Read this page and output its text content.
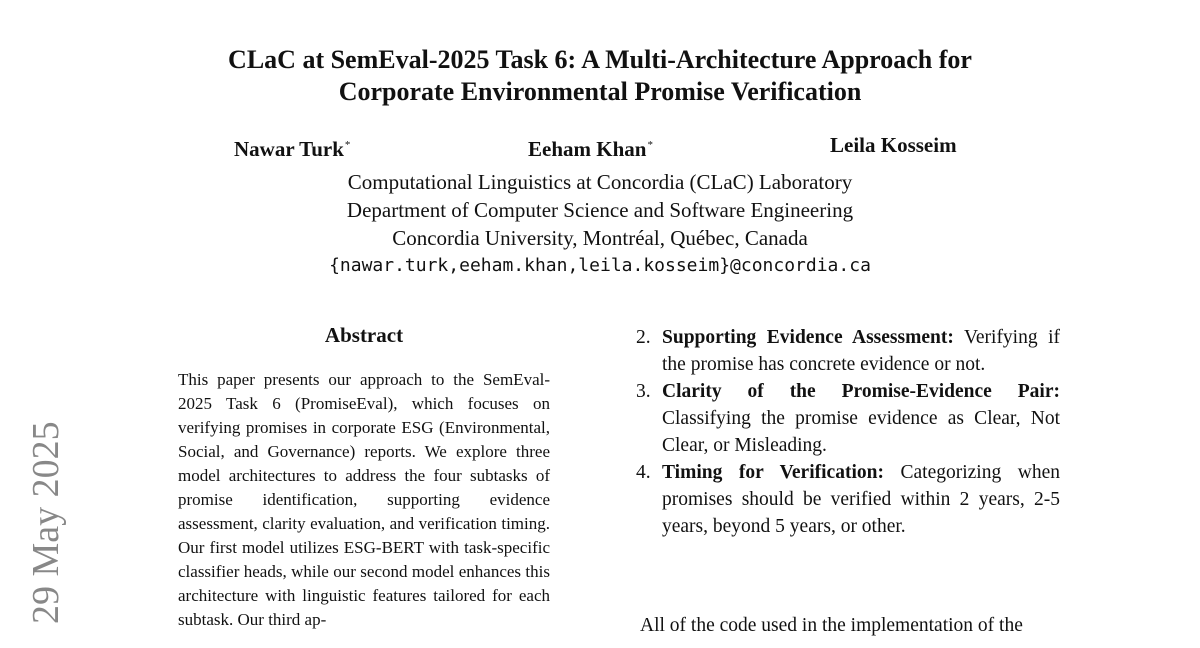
CLaC at SemEval-2025 Task 6: A Multi-Architecture Approach for
Corporate Environmental Promise Verification
Nawar Turk*	Eeham Khan*	Leila Kosseim
Computational Linguistics at Concordia (CLaC) Laboratory
Department of Computer Science and Software Engineering
Concordia University, Montréal, Québec, Canada
{nawar.turk,eeham.khan,leila.kosseim}@concordia.ca
29 May 2025
Abstract
This paper presents our approach to the SemEval-2025 Task 6 (PromiseEval), which focuses on verifying promises in corporate ESG (Environmental, Social, and Governance) reports. We explore three model architectures to address the four subtasks of promise identification, supporting evidence assessment, clarity evaluation, and verification timing. Our first model utilizes ESG-BERT with task-specific classifier heads, while our second model enhances this architecture with linguistic features tailored for each subtask. Our third ap-
2. Supporting Evidence Assessment: Verifying if the promise has concrete evidence or not.
3. Clarity of the Promise-Evidence Pair: Classifying the promise evidence as Clear, Not Clear, or Misleading.
4. Timing for Verification: Categorizing when promises should be verified within 2 years, 2-5 years, beyond 5 years, or other.
All of the code used in the implementation of the
